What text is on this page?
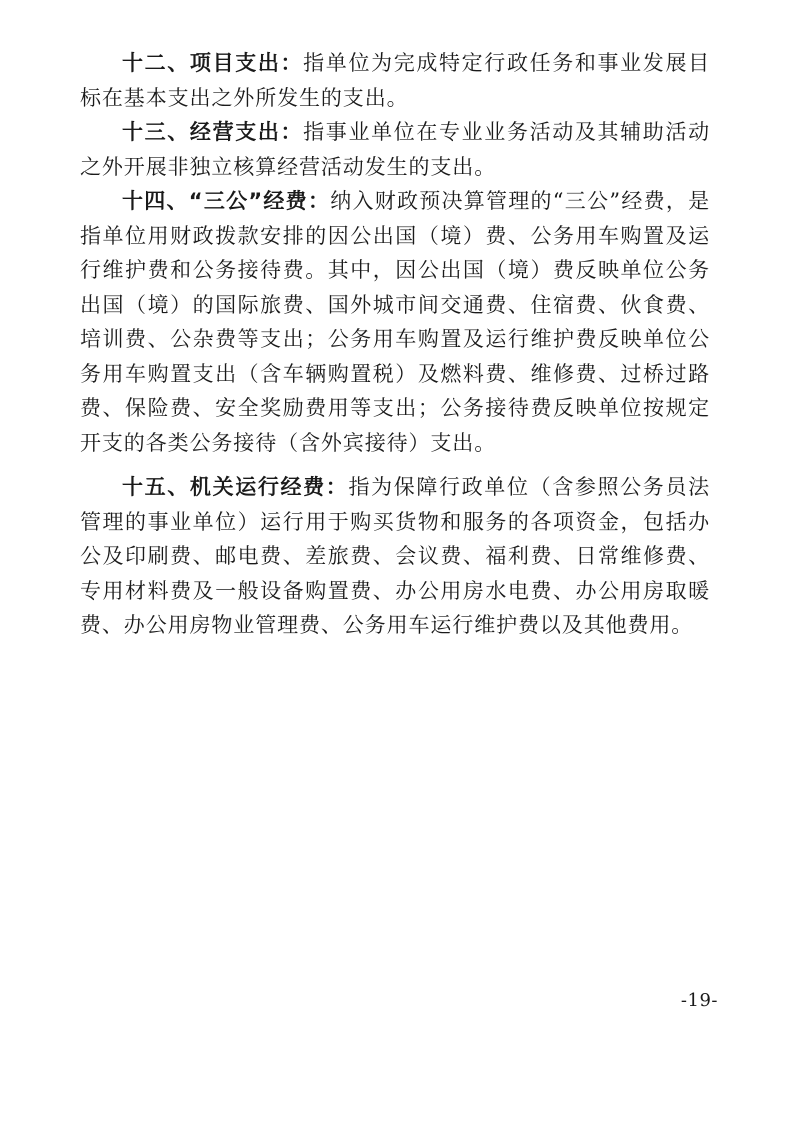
十二、项目支出：指单位为完成特定行政任务和事业发展目标在基本支出之外所发生的支出。

十三、经营支出：指事业单位在专业业务活动及其辅助活动之外开展非独立核算经营活动发生的支出。

十四、“三公”经费：纳入财政预决算管理的“三公”经费，是指单位用财政拨款安排的因公出国（境）费、公务用车购置及运行维护费和公务接待费。其中，因公出国（境）费反映单位公务出国（境）的国际旅费、国外城市间交通费、住宿费、伙食费、培训费、公杂费等支出；公务用车购置及运行维护费反映单位公务用车购置支出（含车辆购置税）及燃料费、维修费、过桥过路费、保险费、安全奖励费用等支出；公务接待费反映单位按规定开支的各类公务接待（含外宾接待）支出。

十五、机关运行经费：指为保障行政单位（含参照公务员法管理的事业单位）运行用于购买货物和服务的各项资金，包括办公及印刷费、邮电费、差旅费、会议费、福利费、日常维修费、专用材料费及一般设备购置费、办公用房水电费、办公用房取暖费、办公用房物业管理费、公务用车运行维护费以及其他费用。

-19-
